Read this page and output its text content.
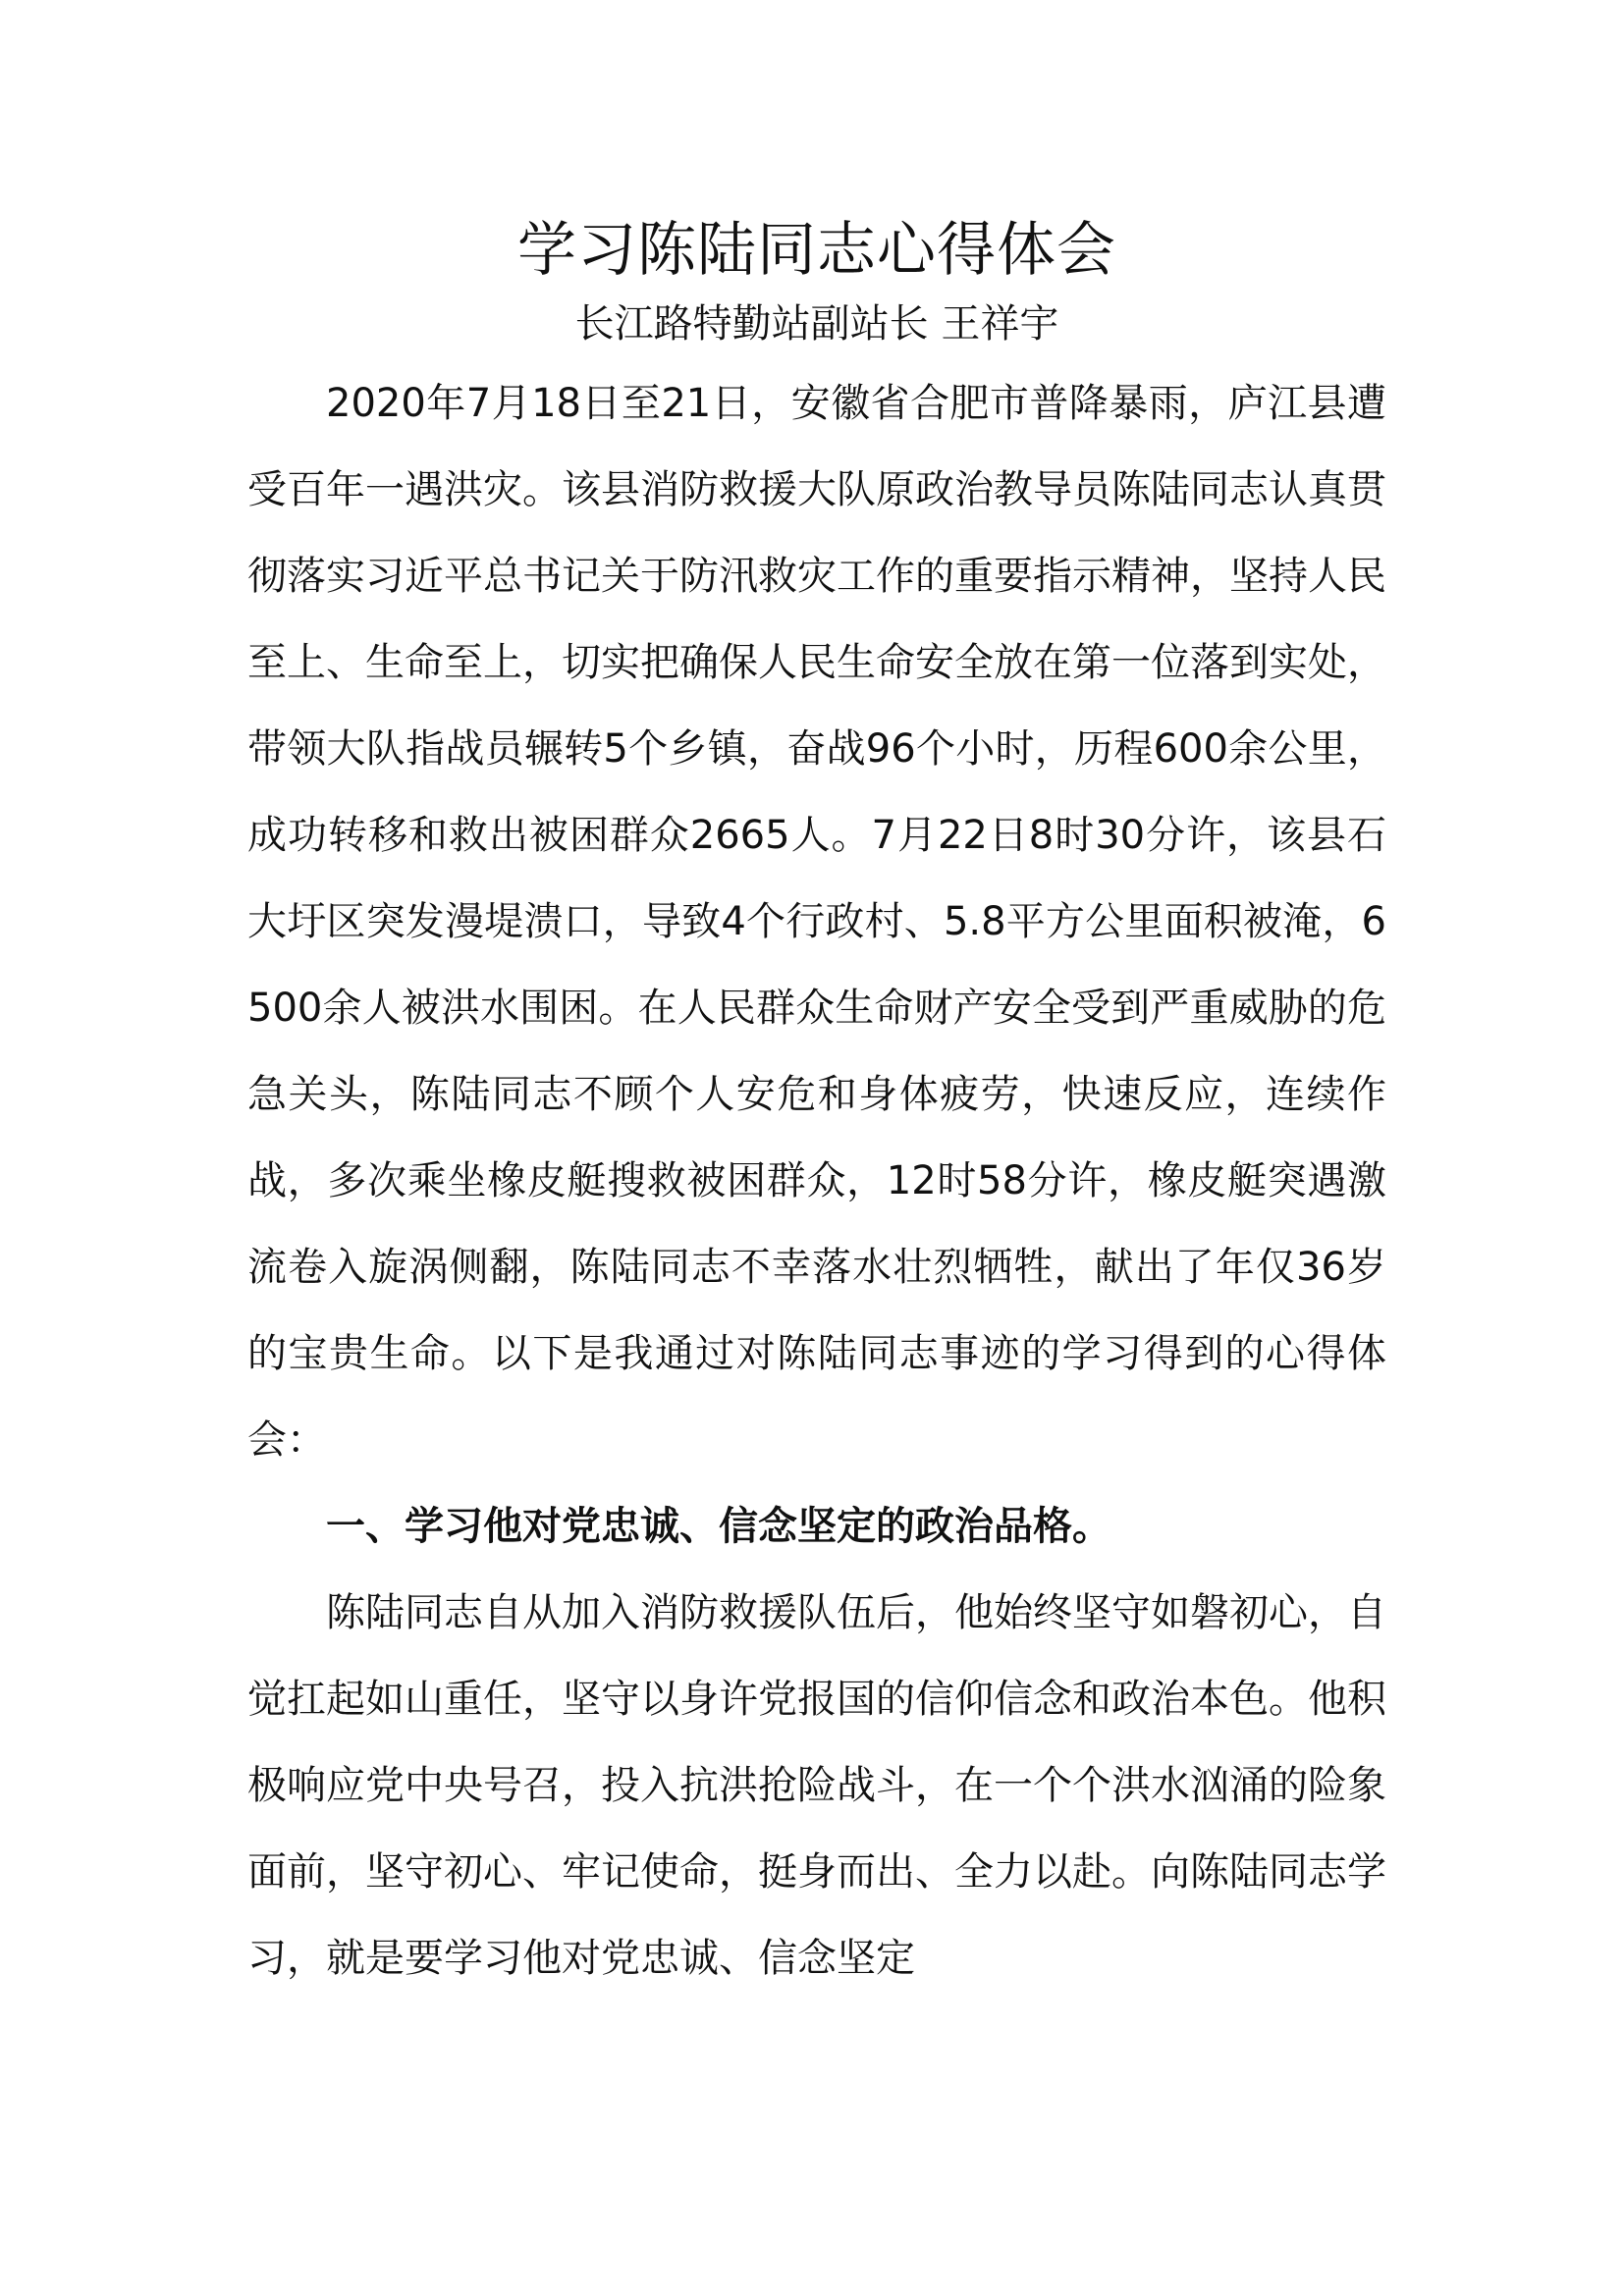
学习陈陆同志心得体会
长江路特勤站副站长 王祥宇

2020年7月18日至21日，安徽省合肥市普降暴雨，庐江县遭受百年一遇洪灾。该县消防救援大队原政治教导员陈陆同志认真贯彻落实习近平总书记关于防汛救灾工作的重要指示精神，坚持人民至上、生命至上，切实把确保人民生命安全放在第一位落到实处，带领大队指战员辗转5个乡镇，奋战96个小时，历程600余公里，成功转移和救出被困群众2665人。7月22日8时30分许，该县石大圩区突发漫堤溃口，导致4个行政村、5.8平方公里面积被淹，6500余人被洪水围困。在人民群众生命财产安全受到严重威胁的危急关头，陈陆同志不顾个人安危和身体疲劳，快速反应，连续作战，多次乘坐橡皮艇搜救被困群众，12时58分许，橡皮艇突遇激流卷入旋涡侧翻，陈陆同志不幸落水壮烈牺牲，献出了年仅36岁的宝贵生命。以下是我通过对陈陆同志事迹的学习得到的心得体会：

一、学习他对党忠诚、信念坚定的政治品格。

陈陆同志自从加入消防救援队伍后，他始终坚守如磐初心，自觉扛起如山重任，坚守以身许党报国的信仰信念和政治本色。他积极响应党中央号召，投入抗洪抢险战斗，在一个个洪水汹涌的险象面前，坚守初心、牢记使命，挺身而出、全力以赴。向陈陆同志学习，就是要学习他对党忠诚、信念坚定
